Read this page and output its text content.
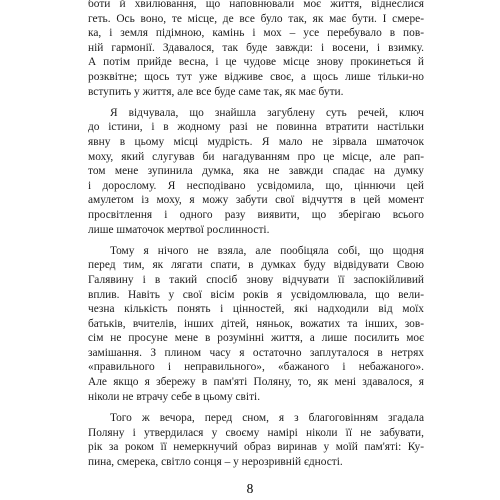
боти й хвилювання, що наповнювали моє життя, віднеслися
геть. Ось воно, те місце, де все було так, як має бути. І смере-
ка, і земля підімною, камінь і мох – усе перебувало в пов-
ній гармонії. Здавалося, так буде завжди: і восени, і взимку.
А потім прийде весна, і це чудове місце знову прокинеться й
розквітне; щось тут уже відживе своє, а щось лише тільки-но
вступить у життя, але все буде саме так, як має бути.
Я відчувала, що знайшла загублену суть речей, ключ
до істини, і в жодному разі не повинна втратити настільки
явну в цьому місці мудрість. Я мало не зірвала шматочок
моху, який слугував би нагадуванням про це місце, але рап-
том мене зупинила думка, яка не завжди спадає на думку
і дорослому. Я несподівано усвідомила, що, ціннючи цей
амулетом із моху, я можу забути свої відчуття в цей момент
просвітлення і одного разу виявити, що зберігаю всього
лише шматочок мертвої рослинності.
Тому я нічого не взяла, але пообіцяла собі, що щодня
перед тим, як лягати спати, в думках буду відвідувати Свою
Галявину і в такий спосіб знову відчувати її заспокійливий
вплив. Навіть у свої вісім років я усвідомлювала, що вели-
чезна кількість понять і цінностей, які надходили від моїх
батьків, вчителів, інших дітей, няньок, вожатих та інших, зов-
сім не просуне мене в розумінні життя, а лише посилить моє
замішання. З плином часу я остаточно заплуталося в нетрях
«правильного і неправильного», «бажаного і небажаного».
Але якщо я збережу в пам'яті Поляну, то, як мені здавалося, я
ніколи не втрачу себе в цьому світі.
Того ж вечора, перед сном, я з благоговінням згадала
Поляну і утвердилася у своєму намірі ніколи її не забувати,
рік за роком її немеркнучий образ виринав у моїй пам'яті: Ку-
пина, смерека, світло сонця – у нерозривній єдності.
8
